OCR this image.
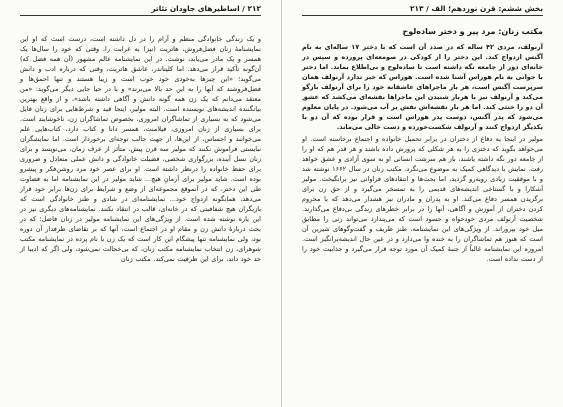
۲۱۲ / اساطیرهای جاودان تئاتر
و یک زندگی خانوادگی منظم و آرام را در دل داشته است، درست است که او این نمایشنامهٔ زنان فضل‌فروش، هاتریت (نیز) به غرابت را، وقتی که خود را سال‌ها یک همسر و یک مادر می‌یابد، نوشت. در این نمایشنامه عالم مشهور (آن همه فضل که) آن‌گونه تأکید قرار می‌دهد. اما کلیتاندر، عاشق هاتریت، وقتی که درباره ادب و دانش می‌گوید؛ «این چیزها به‌خودی خود خوب است و زیبا هستند و تنها احمق‌ها و فضل‌فروشند که آنها را به این حد بالا می‌برند» و با در حیا جایی دیگر می‌گوید: «من معتقد می‌دانم که یک زن همه گونه دانش و آگاهی داشته باشد»، و از واقع بهترین بیانگننده اندیشه‌های نویسنده است. البته مولیر، اینجا قید و شرط‌هایی برای زنان فایل می‌شود که به بسیاری از تماشاگران امروزی، بخصوص تماشاگران زن، ناخوشایند است. برای بسیاری از زنان امروزی، فیلامنت، همسر دانا و کتاب دارد، کتاب‌هایی علم می‌خوانند و احساس، از این‌ها، از جهت جالب توجه‌ای برخوردار است. اما نمایشگران نبایستی فراموش نکنند که مولیر سه قرن پیش، متأثر از عرف زمان، می‌نویسد و برای زنان نسل آینده، بزرگواری شخصی، فضیلت خانوادگی و دانش عملی متعادل و ضروری برای حفظ خانواده را درنظر داشته است. او برای عصر خود مرد روشن‌فکر و پیشرو بوده است. شاید مولیر برای آرمانِ هیچ... شاید مولیر در این نمایشنامه اما به فضاوت طی این دختر، که در آنموقع مجموعه‌ای از وضع و شرایط برای زن‌ها برابر خود قرار می‌دهد، همانگونه ازدواج خود... نمایشنامه‌ای در شادی و طنز خانوادگی است که بازیگران هیچ شفافیتی که در خانه‌ای، قالب در انتقاد نکنند. نمایشنامه‌های دیگری نیز در این باره نوشته شده است. از ویژگی‌های این نمایشنامه مولیر در زنان فاضل؛ که در بحث دربارهٔ دانش زن و مقام او در اجتماع است، آنها که بر تقاضای طرفدار آن دوره بود، ولی نمایشنامه تنها پیشگام این کار است که یک زن با نام پرده در نمایشنامه مکتب شوهرای، زن انتخاب نمایشنامه مکتب زنان، که بی‌خجالت نمی‌شود، ولی اگر که ادیبا از حد خود داند، برای این ظرفیت نمی‌کند. مکتب زنان
بخش ششم: قرن نوزدهم؛ الف / ۲۱۳
مکتب زنان: مرد پیر و دختر ساده‌لوح
آرنولف، مردی ۴۲ ساله که در صدد آن است که با دختر ۱۷ ساله‌ای به نام آگنس ازدواج کند. این دختر را از کودکی در صومعه‌ای پرورده و سپس در خانه‌ای دور از جامعه نگه داشته است تا ساده‌لوح و بی‌اطلاع بماند. اما دختر با جوانی به نام هوراس آشنا شده است. هوراس که خبر ندارد آرنولف همان سرپرست آگنس است، هر بار ماجراهای عاشقانه خود را برای آرنولف بازگو می‌کند و آرنولف نیز با هربار شنیدن این ماجراها نقشه‌ای می‌کشد که عشق آن دو را خنثی کند. اما هر بار نقشه‌اش نقش بر آب می‌شود. در پایان معلوم می‌شود که پدر آگنس، دوست پدر هوراس است و قرار بوده که آن دو با یکدیگر ازدواج کنند و آرنولف شکست‌خورده و دست خالی می‌ماند.
مولیر در اینجا به دفاع از دختران در برابر تحمیل خانواده و اجتماع برخاسته است. او می‌خواهد بگوید که دختری را به هر شکلی که پرورش داده باشند و هر قدر هم که او را از جامعه دور نگه داشته باشند، باز هم سرشت انسانی او به سوی آزادی و عشق خواهد رفت. نمایش با دیدگاهی کمیک به موضوع می‌نگرد. مکتب زنان در سال ۱۶۶۲ نوشته شد و با موفقیت زیادی روبه‌رو گردید، اما بحث‌ها و انتقادهای فراوانی نیز برانگیخت. مولیر آشکارا و با گستاخی اندیشه‌های قدیمی را به تمسخر می‌گیرد و از حق زن برای برگزیدن همسر دفاع می‌کند. او به پدران و مادران نیز هشدار می‌دهد که با محروم کردن دختران از آموزش و آگاهی، آنها را در برابر خطرهای زندگی بی‌دفاع می‌گذارند. شخصیت آرنولف مردی خودخواه و حسود است که می‌پندارد می‌تواند زنی را مطابق میل خود بپروراند. از ویژگی‌های این نمایشنامه، طنز ظریف و گفت‌وگوهای شیرین آن است که هنوز هم تماشاگران را به خنده وا می‌دارد و در عین حال اندیشه‌برانگیز است. امروزه این نمایشنامه غالباً از جنبهٔ کمیک آن مورد توجه قرار می‌گیرد و جذابیت خود را از دست نداده است.
